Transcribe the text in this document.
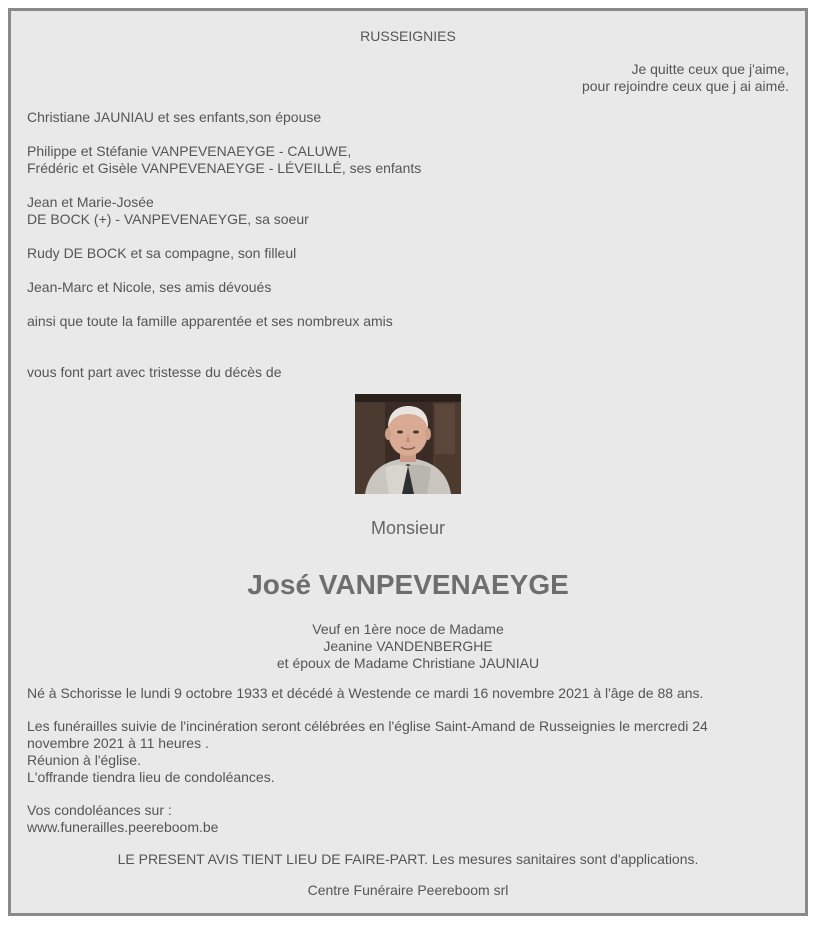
RUSSEIGNIES
Je quitte ceux que j'aime,
pour rejoindre ceux que j ai aimé.
Christiane JAUNIAU et ses enfants,son épouse
Philippe et Stéfanie VANPEVENAEYGE - CALUWE,
Frédéric et Gisèle VANPEVENAEYGE - LÉVEILLÉ, ses enfants
Jean et Marie-Josée
DE BOCK (+) - VANPEVENAEYGE, sa soeur
Rudy DE BOCK et sa compagne, son filleul
Jean-Marc et Nicole, ses amis dévoués
ainsi que toute la famille apparentée et ses nombreux amis
vous font part avec tristesse du décès de
Monsieur
José VANPEVENAEYGE
Veuf en 1ère noce de Madame
Jeanine VANDENBERGHE
et époux de Madame Christiane JAUNIAU
Né à Schorisse le lundi 9 octobre 1933 et décédé à Westende ce mardi 16 novembre 2021 à l'âge de 88 ans.
Les funérailles suivie de l'incinération seront célébrées en l'église Saint-Amand de Russeignies le mercredi 24
novembre 2021 à 11 heures .
Réunion à l'église.
L'offrande tiendra lieu de condoléances.
Vos condoléances sur :
www.funerailles.peereboom.be
LE PRESENT AVIS TIENT LIEU DE FAIRE-PART. Les mesures sanitaires sont d'applications.
Centre Funéraire Peereboom srl
